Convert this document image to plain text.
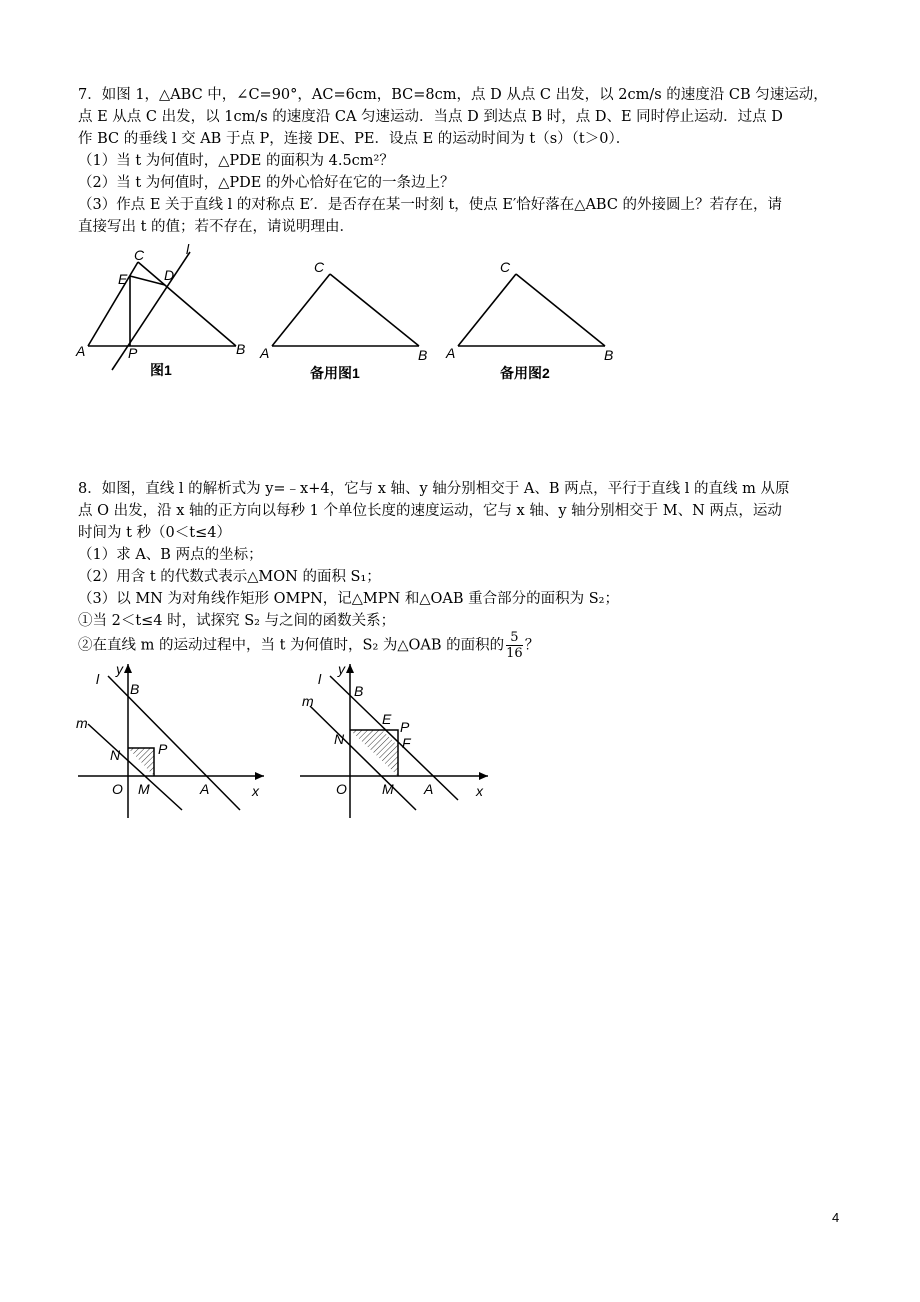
7．如图 1，△ABC 中，∠C=90°，AC=6cm，BC=8cm，点 D 从点 C 出发，以 2cm/s 的速度沿 CB 匀速运动，
点 E 从点 C 出发，以 1cm/s 的速度沿 CA 匀速运动．当点 D 到达点 B 时，点 D、E 同时停止运动．过点 D
作 BC 的垂线 l 交 AB 于点 P，连接 DE、PE．设点 E 的运动时间为 t（s）（t＞0）．
（1）当 t 为何值时，△PDE 的面积为 4.5cm²？
（2）当 t 为何值时，△PDE 的外心恰好在它的一条边上？
（3）作点 E 关于直线 l 的对称点 E′．是否存在某一时刻 t，使点 E′恰好落在△ABC 的外接圆上？若存在，请
直接写出 t 的值；若不存在，请说明理由．
C
E	D
l
A	P	B
图1
C
A	B
备用图1
C
A	B
备用图2
8．如图，直线 l 的解析式为 y=﹣x+4，它与 x 轴、y 轴分别相交于 A、B 两点，平行于直线 l 的直线 m 从原
点 O 出发，沿 x 轴的正方向以每秒 1 个单位长度的速度运动，它与 x 轴、y 轴分别相交于 M、N 两点，运动
时间为 t 秒（0＜t≤4）
（1）求 A、B 两点的坐标；
（2）用含 t 的代数式表示△MON 的面积 S₁；
（3）以 MN 为对角线作矩形 OMPN，记△MPN 和△OAB 重合部分的面积为 S₂；
①当 2＜t≤4 时，试探究 S₂ 与之间的函数关系；
②在直线 m 的运动过程中，当 t 为何值时，S₂ 为△OAB 的面积的 $\frac{5}{16}$ ？
y
l
B
m
N	P
O M	A	x
y
l
B
m
E P
F
N
O	M A	x
4
